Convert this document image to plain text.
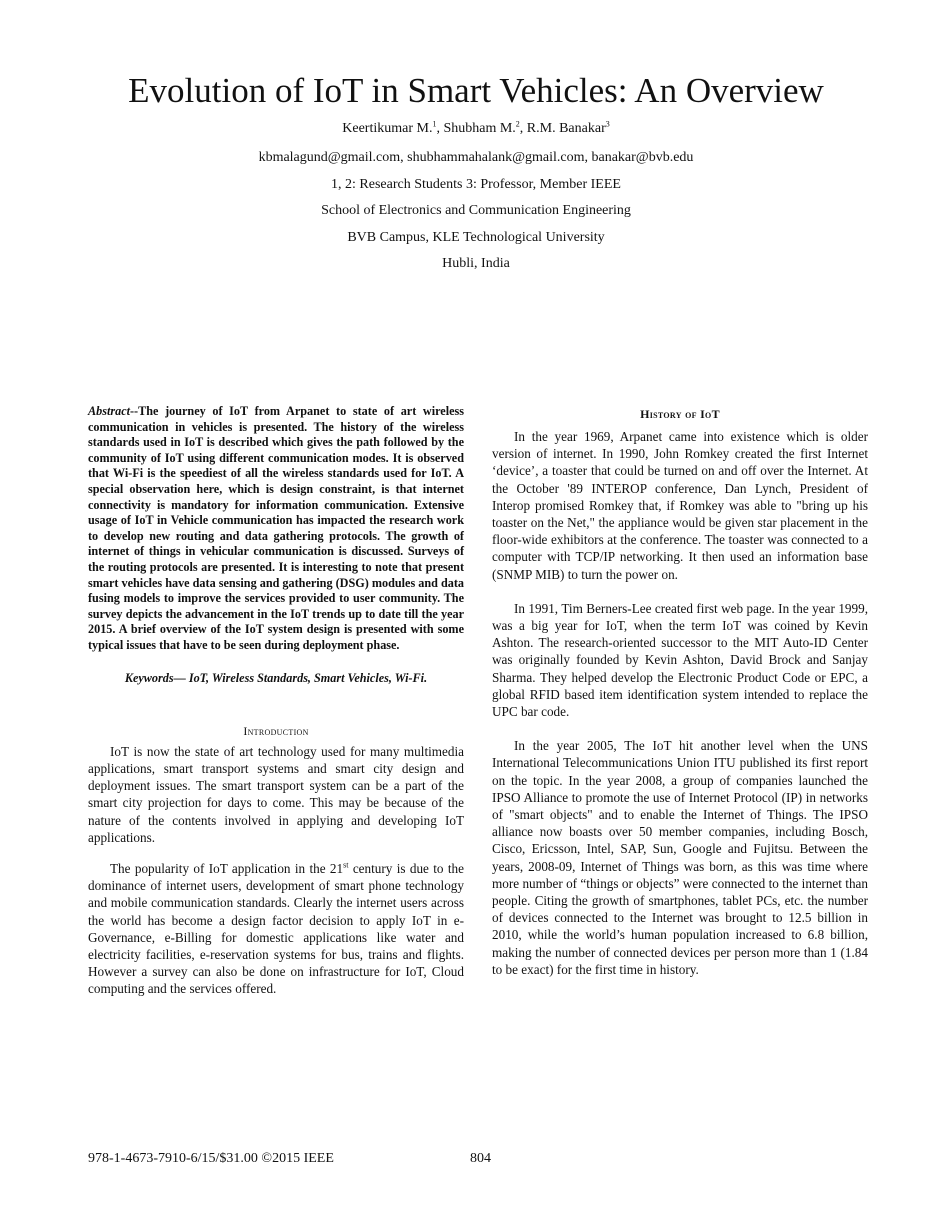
Evolution of IoT in Smart Vehicles: An Overview

Keertikumar M.$^1$, Shubham M.$^2$, R.M. Banakar$^3$

kbmalagund@gmail.com, shubhammahalank@gmail.com, banakar@bvb.edu

1, 2: Research Students 3: Professor, Member IEEE

School of Electronics and Communication Engineering

BVB Campus, KLE Technological University

Hubli, India

Abstract--The journey of IoT from Arpanet to state of art wireless communication in vehicles is presented. The history of the wireless standards used in IoT is described which gives the path followed by the community of IoT using different communication modes. It is observed that Wi-Fi is the speediest of all the wireless standards used for IoT. A special observation here, which is design constraint, is that internet connectivity is mandatory for information communication. Extensive usage of IoT in Vehicle communication has impacted the research work to develop new routing and data gathering protocols. The growth of internet of things in vehicular communication is discussed. Surveys of the routing protocols are presented. It is interesting to note that present smart vehicles have data sensing and gathering (DSG) modules and data fusing models to improve the services provided to user community. The survey depicts the advancement in the IoT trends up to date till the year 2015. A brief overview of the IoT system design is presented with some typical issues that have to be seen during deployment phase.

Keywords— IoT, Wireless Standards, Smart Vehicles, Wi-Fi.

Introduction

IoT is now the state of art technology used for many multimedia applications, smart transport systems and smart city design and deployment issues. The smart transport system can be a part of the smart city projection for days to come. This may be because of the nature of the contents involved in applying and developing IoT applications.

The popularity of IoT application in the 21st century is due to the dominance of internet users, development of smart phone technology and mobile communication standards. Clearly the internet users across the world has become a design factor decision to apply IoT in e-Governance, e-Billing for domestic applications like water and electricity facilities, e-reservation systems for bus, trains and flights. However a survey can also be done on infrastructure for IoT, Cloud computing and the services offered.

History of IoT

In the year 1969, Arpanet came into existence which is older version of internet. In 1990, John Romkey created the first Internet ‘device’, a toaster that could be turned on and off over the Internet. At the October '89 INTEROP conference, Dan Lynch, President of Interop promised Romkey that, if Romkey was able to "bring up his toaster on the Net," the appliance would be given star placement in the floor-wide exhibitors at the conference. The toaster was connected to a computer with TCP/IP networking. It then used an information base (SNMP MIB) to turn the power on.

In 1991, Tim Berners-Lee created first web page. In the year 1999, was a big year for IoT, when the term IoT was coined by Kevin Ashton. The research-oriented successor to the MIT Auto-ID Center was originally founded by Kevin Ashton, David Brock and Sanjay Sharma. They helped develop the Electronic Product Code or EPC, a global RFID based item identification system intended to replace the UPC bar code.

In the year 2005, The IoT hit another level when the UNS International Telecommunications Union ITU published its first report on the topic. In the year 2008, a group of companies launched the IPSO Alliance to promote the use of Internet Protocol (IP) in networks of "smart objects" and to enable the Internet of Things. The IPSO alliance now boasts over 50 member companies, including Bosch, Cisco, Ericsson, Intel, SAP, Sun, Google and Fujitsu. Between the years, 2008-09, Internet of Things was born, as this was time where more number of “things or objects” were connected to the internet than people. Citing the growth of smartphones, tablet PCs, etc. the number of devices connected to the Internet was brought to 12.5 billion in 2010, while the world’s human population increased to 6.8 billion, making the number of connected devices per person more than 1 (1.84 to be exact) for the first time in history.

978-1-4673-7910-6/15/$31.00 ©2015 IEEE	804
